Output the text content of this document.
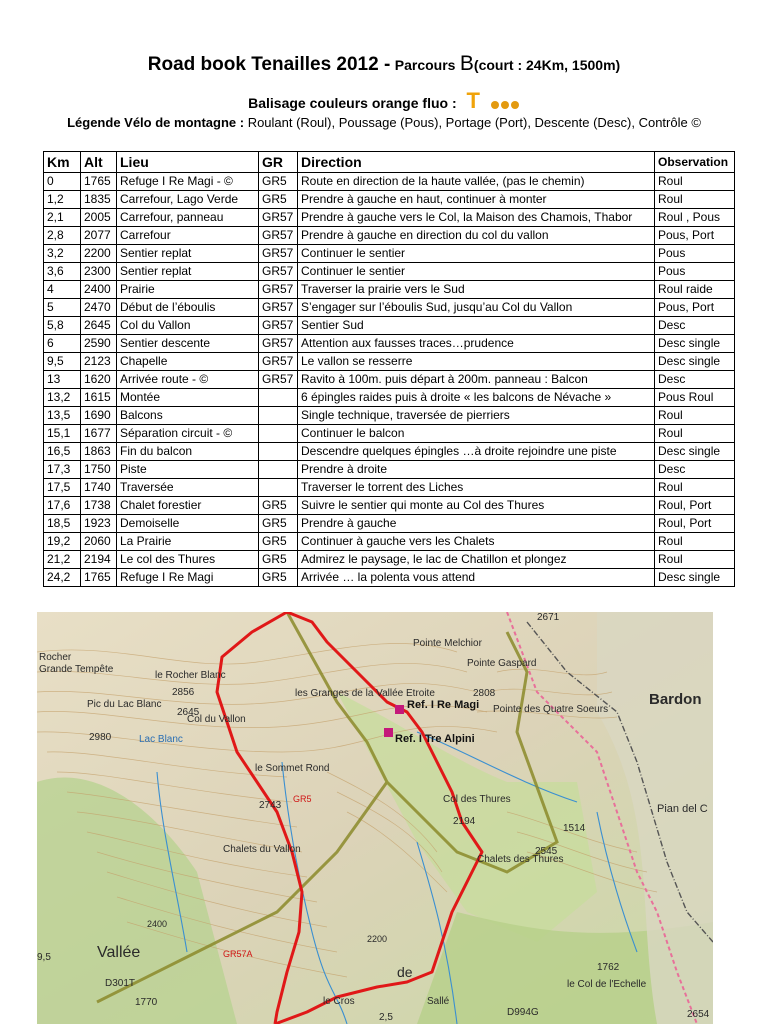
Road book Tenailles 2012 - Parcours B(court : 24Km, 1500m)
Balisage couleurs orange fluo : T
Légende Vélo de montagne : Roulant (Roul), Poussage (Pous), Portage (Port), Descente (Desc), Contrôle ©
Km	Alt	Lieu	GR	Direction	Observation
0	1765	Refuge I Re Magi - ©	GR5	Route en direction de la haute vallée, (pas le chemin)	Roul
1,2	1835	Carrefour, Lago Verde	GR5	Prendre à gauche en haut, continuer à monter	Roul
2,1	2005	Carrefour, panneau	GR57	Prendre à gauche vers le Col, la Maison des Chamois, Thabor	Roul , Pous
2,8	2077	Carrefour	GR57	Prendre à gauche en direction du col du vallon	Pous, Port
3,2	2200	Sentier replat	GR57	Continuer le sentier	Pous
3,6	2300	Sentier replat	GR57	Continuer le sentier	Pous
4	2400	Prairie	GR57	Traverser la prairie vers le Sud	Roul raide
5	2470	Début de l’éboulis	GR57	S’engager sur l’éboulis Sud, jusqu’au Col du Vallon	Pous, Port
5,8	2645	Col du Vallon	GR57	Sentier Sud	Desc
6	2590	Sentier descente	GR57	Attention aux fausses traces…prudence	Desc single
9,5	2123	Chapelle	GR57	Le vallon se resserre	Desc single
13	1620	Arrivée route - ©	GR57	Ravito à 100m. puis départ à 200m. panneau : Balcon	Desc
13,2	1615	Montée		6 épingles raides puis à droite « les balcons de Névache »	Pous Roul
13,5	1690	Balcons		Single technique, traversée de pierriers	Roul
15,1	1677	Séparation circuit - ©		Continuer le balcon	Roul
16,5	1863	Fin du balcon		Descendre quelques épingles …à droite rejoindre une piste	Desc single
17,3	1750	Piste		Prendre à droite	Desc
17,5	1740	Traversée		Traverser le torrent des Liches	Roul
17,6	1738	Chalet forestier	GR5	Suivre le sentier qui monte au Col des Thures	Roul, Port
18,5	1923	Demoiselle	GR5	Prendre à gauche	Roul, Port
19,2	2060	La Prairie	GR5	Continuer à gauche vers les Chalets	Roul
21,2	2194	Le col des Thures	GR5	Admirez le paysage, le lac de Chatillon et plongez	Roul
24,2	1765	Refuge I Re Magi	GR5	Arrivée … la polenta vous attend	Desc single
Rocher
Grande Tempête
le Rocher Blanc
2856
Pic du Lac Blanc
2980	Lac Blanc
2645
Col du Vallon
les Granges de la Vallée Etroite
Ref. I Re Magi
Ref. I Tre Alpini
Pointe Melchior
Pointe Gaspard
2808
Pointe des Quatre Soeurs
Bardon
le Sommet Rond
2743
Chalets du Vallon
Col des Thures
2194
Chalets des Thures
2545
1514
Vallée
D301T
1770	le Cros	Sallé
D994G
1762
le Col de l'Echelle
2654
GR57A
GR5
9,5
2,5
2400
2200
2671
Pian del C
de
